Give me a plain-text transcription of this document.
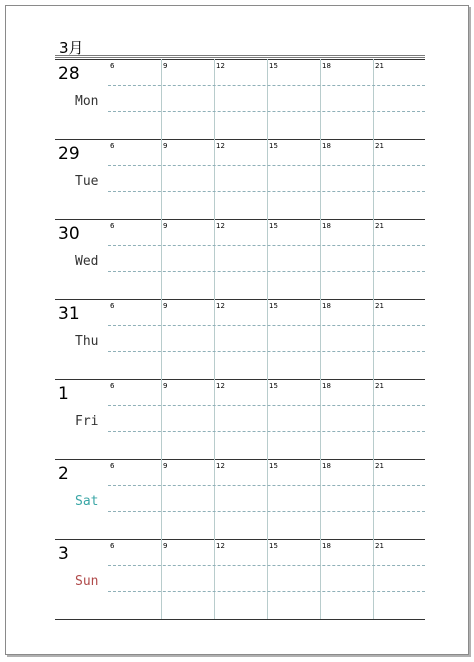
3月
28
Mon
6	9	12	15	18	21
29
Tue
6	9	12	15	18	21
30
Wed
6	9	12	15	18	21
31
Thu
6	9	12	15	18	21
1
Fri
6	9	12	15	18	21
2
Sat
6	9	12	15	18	21
3
Sun
6	9	12	15	18	21
